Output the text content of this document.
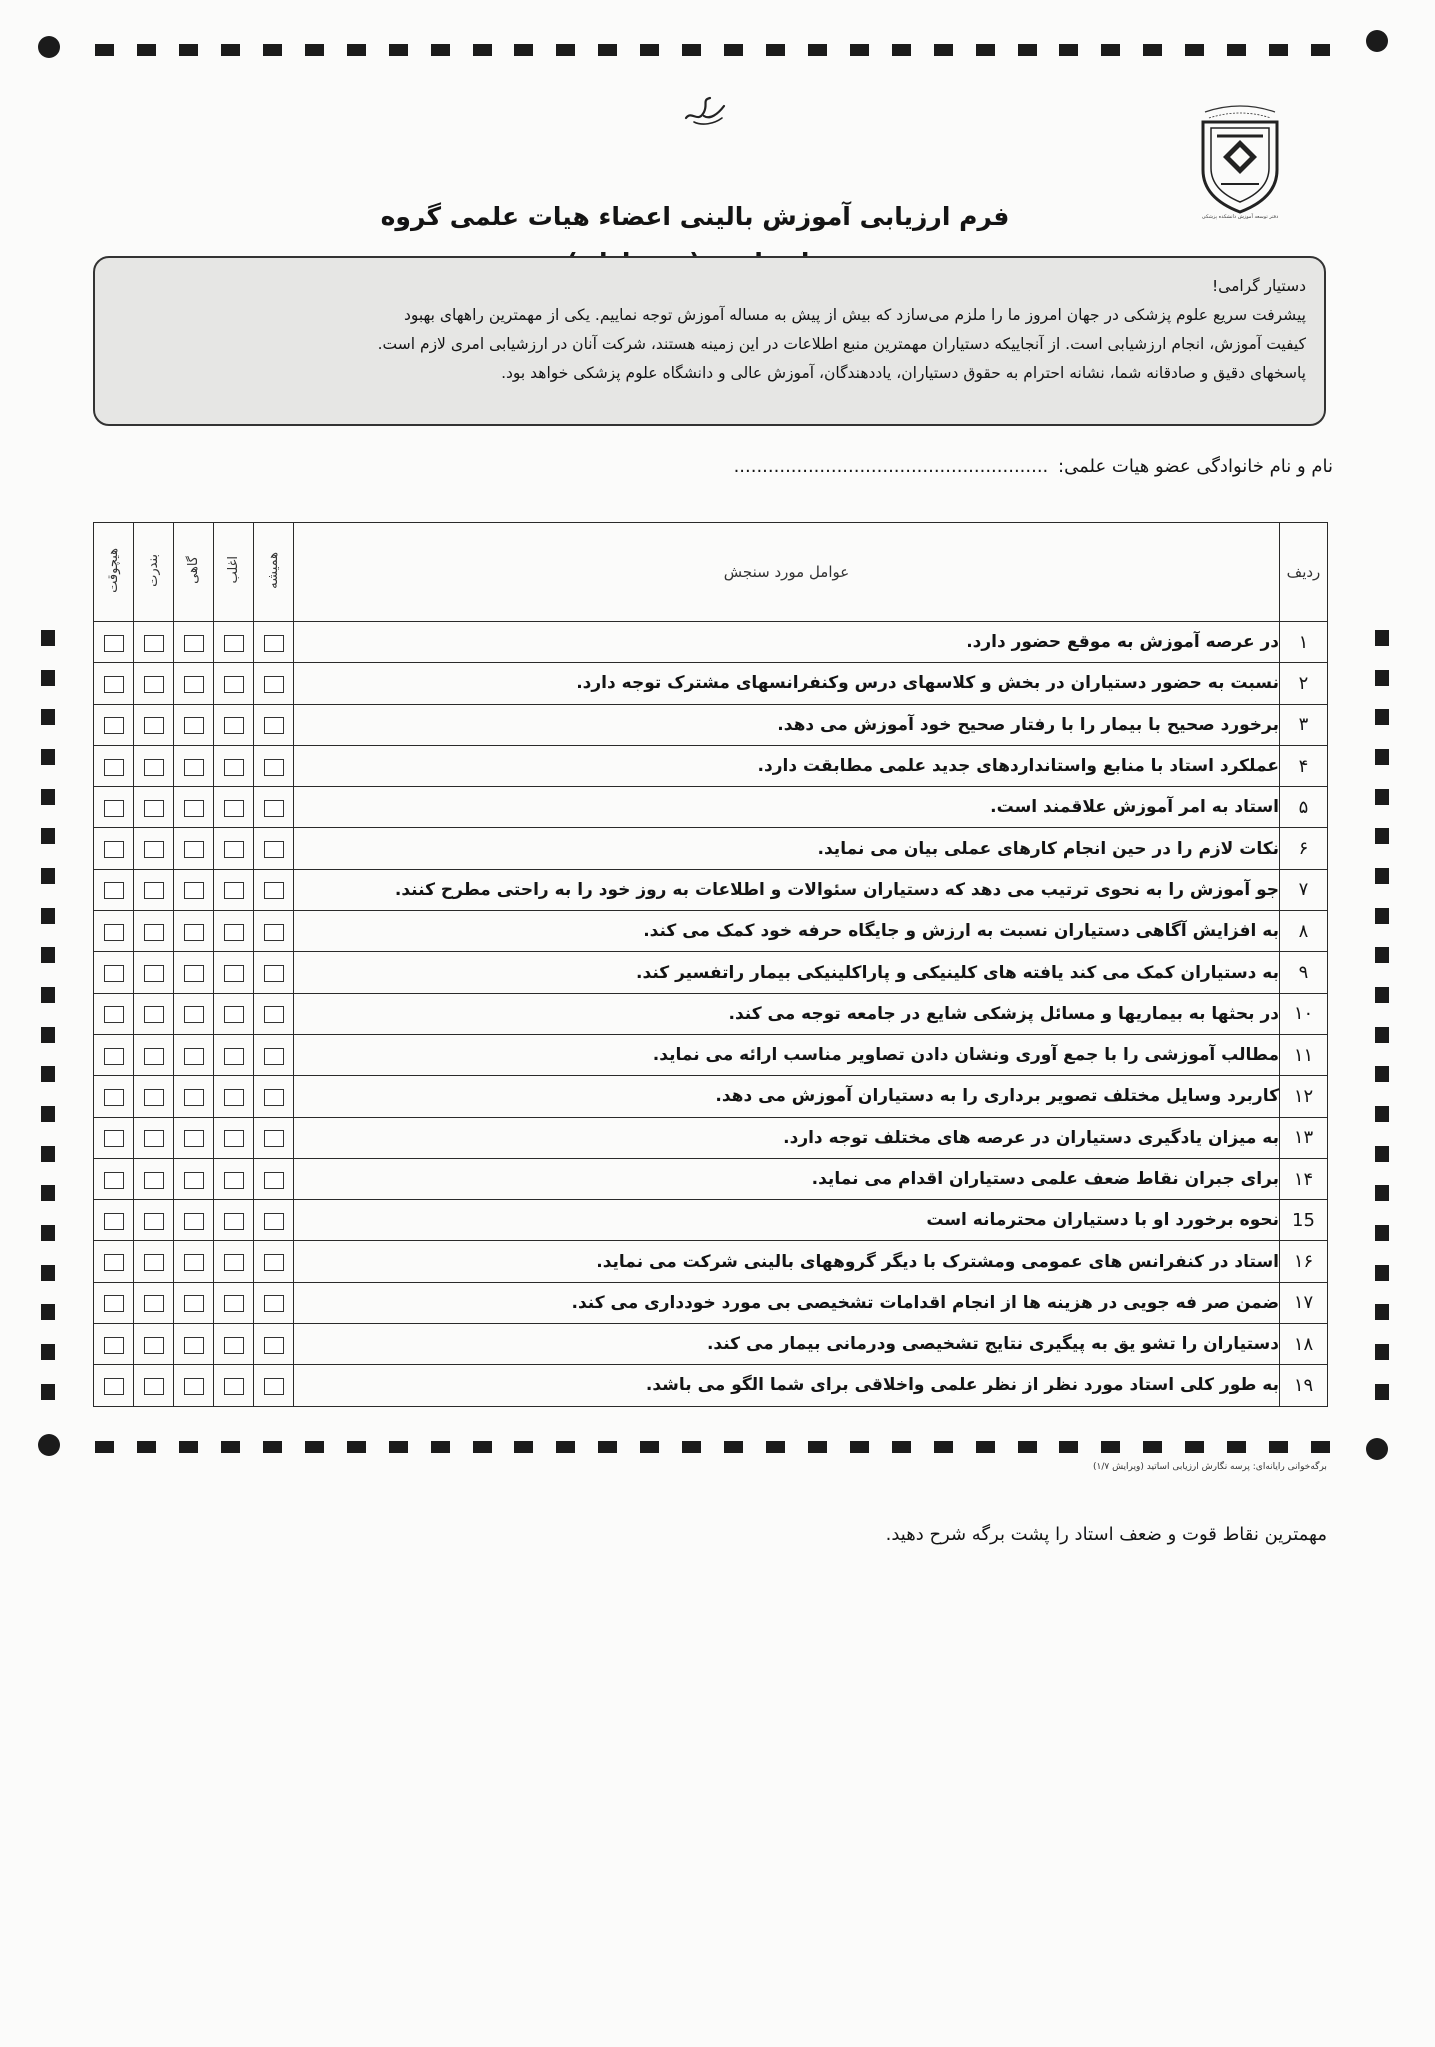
دفتر توسعه آموزش دانشکده پزشکی
فرم ارزیابی آموزش بالینی اعضاء هیات علمی گروه

دستیار گرامی!

پیشرفت سریع علوم پزشکی در جهان امروز ما را ملزم می‌سازد که بیش از پیش به مساله آموزش توجه نماییم. یکی از مهمترین راههای بهبود

کیفیت آموزش، انجام ارزشیابی است. از آنجاییکه دستیاران مهمترین منبع اطلاعات در این زمینه هستند، شرکت آنان در ارزشیابی امری لازم است.

پاسخهای دقیق و صادقانه شما، نشانه احترام به حقوق دستیاران، یاددهندگان، آموزش عالی و دانشگاه علوم پزشکی خواهد بود.

نام و نام خانوادگی عضو هیات علمی: .......................................................
ردیف	عوامل مورد سنجش	همیشه	اغلب	گاهی	بندرت	هیچوقت
۱	در عرصه آموزش به موقع حضور دارد.					
۲	نسبت به حضور دستیاران در بخش و کلاسهای درس وکنفرانسهای مشترک توجه دارد.					
۳	برخورد صحیح با بیمار را با رفتار صحیح خود آموزش می دهد.					
۴	عملکرد استاد با منابع واستانداردهای جدید علمی مطابقت دارد.					
۵	استاد به امر آموزش علاقمند است.					
۶	نکات لازم را در حین انجام کارهای عملی بیان می نماید.					
۷	جو آموزش را به نحوی ترتیب می دهد که دستیاران سئوالات و اطلاعات به روز خود را به راحتی مطرح کنند.					
۸	به افزایش آگاهی دستیاران نسبت به ارزش و جایگاه حرفه خود کمک می کند.					
۹	به دستیاران کمک می کند یافته های کلینیکی و پاراکلینیکی بیمار راتفسیر کند.					
۱۰	در بحثها به بیماریها و مسائل پزشکی شایع در جامعه توجه می کند.					
۱۱	مطالب آموزشی را با جمع آوری ونشان دادن تصاویر مناسب ارائه می نماید.					
۱۲	کاربرد وسایل مختلف تصویر برداری را به دستیاران آموزش می دهد.					
۱۳	به میزان یادگیری دستیاران در عرصه های مختلف توجه دارد.					
۱۴	برای جبران نقاط ضعف علمی دستیاران اقدام می نماید.					
15	نحوه برخورد او با دستیاران محترمانه است					
۱۶	استاد در کنفرانس های عمومی ومشترک با دیگر گروههای بالینی شرکت می نماید.					
۱۷	ضمن صر فه جویی در هزینه ها از انجام اقدامات تشخیصی بی مورد خودداری می کند.					
۱۸	دستیاران را تشو یق به پیگیری نتایج تشخیصی ودرمانی بیمار می کند.					
۱۹	به طور کلی استاد مورد نظر از نظر علمی واخلاقی برای شما الگو می باشد.					
برگه‌خوانی رایانه‌ای: پرسه نگارش ارزیابی اساتید (ویرایش ۱/۷)
مهمترین نقاط قوت و ضعف استاد را پشت برگه شرح دهید.
